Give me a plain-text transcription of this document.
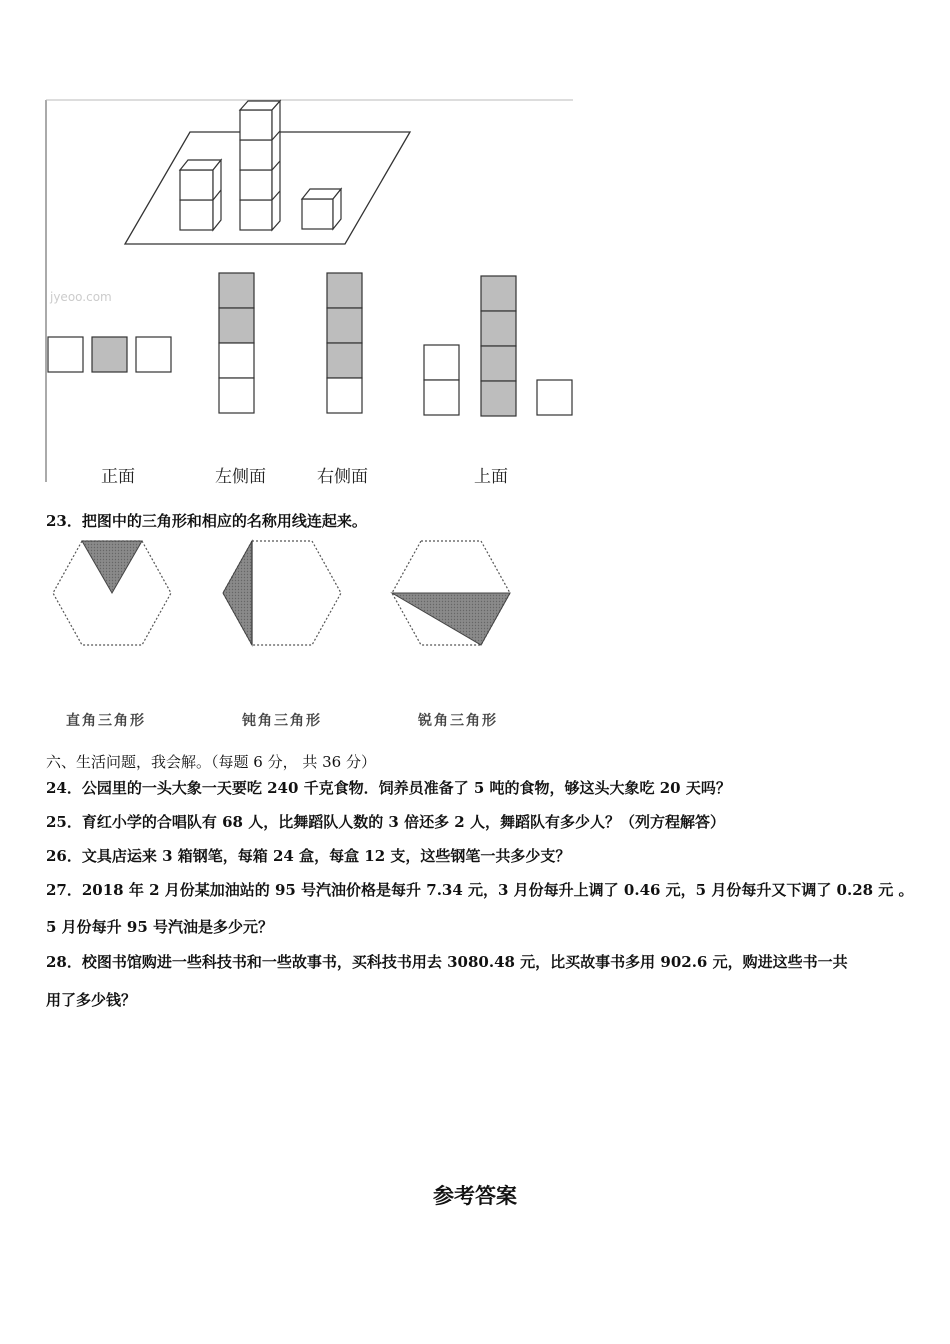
jyeoo.com
正面	左侧面	右侧面	上面
23．把图中的三角形和相应的名称用线连起来。
直角三角形	钝角三角形	锐角三角形
六、生活问题，我会解。（每题 6 分， 共 36 分）
24．公园里的一头大象一天要吃 240 千克食物．饲养员准备了 5 吨的食物，够这头大象吃 20 天吗？
25．育红小学的合唱队有 68 人，比舞蹈队人数的 3 倍还多 2 人，舞蹈队有多少人？（列方程解答）
26．文具店运来 3 箱钢笔，每箱 24 盒，每盒 12 支，这些钢笔一共多少支？
27．2018 年 2 月份某加油站的 95 号汽油价格是每升 7.34 元，3 月份每升上调了 0.46 元，5 月份每升又下调了 0.28 元 。
5 月份每升 95 号汽油是多少元？
28．校图书馆购进一些科技书和一些故事书，买科技书用去 3080.48 元，比买故事书多用 902.6 元，购进这些书一共
用了多少钱？
参考答案
